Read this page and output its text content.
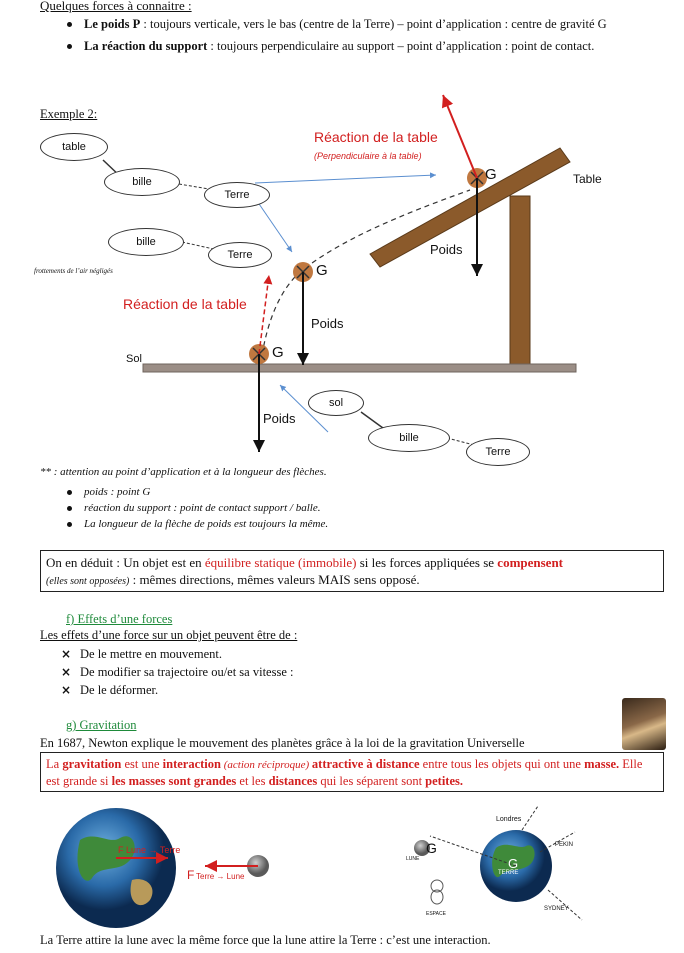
Quelques forces à connaitre :
Le poids P : toujours verticale, vers le bas (centre de la Terre) – point d’application : centre de gravité G
La réaction du support : toujours perpendiculaire au support – point d’application : point de contact.
Exemple 2:
table
bille
Terre
bille
Terre
sol
bille
Terre
frottements de l’air négligés
Réaction de la table
(Perpendiculaire à la table)
Table
G
Poids
G
Réaction de la table
Poids
G
Sol
Poids
** : attention au point d’application et à la longueur des flèches.
poids : point G
réaction du support : point de contact support / balle.
La longueur de la flèche de poids est toujours la même.
On en déduit : Un objet est en équilibre statique (immobile) si les forces appliquées se compensent
(elles sont opposées) : mêmes directions, mêmes valeurs MAIS sens opposé.
f) Effets d’une forces
Les effets d’une force sur un objet peuvent être de :
× De le mettre en mouvement.
× De modifier sa trajectoire ou/et sa vitesse :
× De le déformer.
g) Gravitation
En 1687, Newton explique le mouvement des planètes grâce à la loi de la gravitation Universelle
La gravitation est une interaction (action réciproque) attractive à distance entre tous les objets qui ont une masse. Elle est grande si les masses sont grandes et les distances qui les séparent sont petites.
F Lune → Terre
F Terre → Lune
Londres
PEKIN
TERRE
SYDNEY
LUNE
ESPACE
G
G
La Terre attire la lune avec la même force que la lune attire la Terre : c’est une interaction.
